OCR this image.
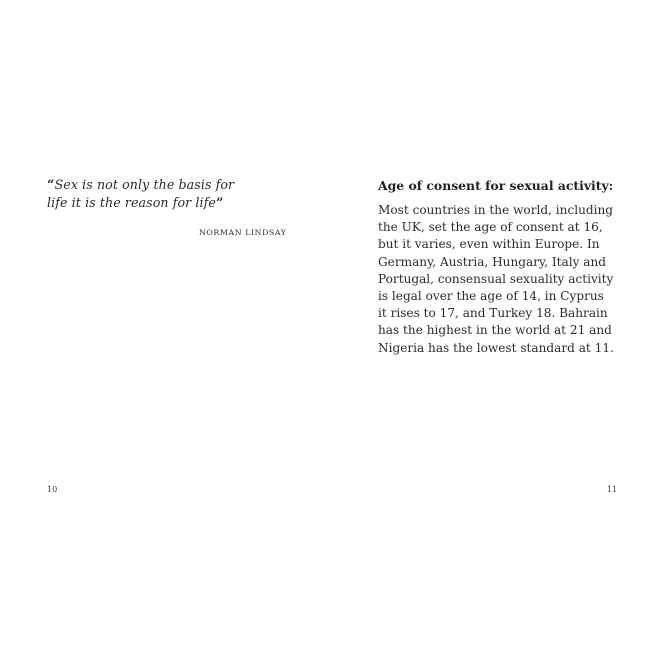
“Sex is not only the basis for
life it is the reason for life”
NORMAN LINDSAY
10
Age of consent for sexual activity:
Most countries in the world, including
the UK, set the age of consent at 16,
but it varies, even within Europe. In
Germany, Austria, Hungary, Italy and
Portugal, consensual sexuality activity
is legal over the age of 14, in Cyprus
it rises to 17, and Turkey 18. Bahrain
has the highest in the world at 21 and
Nigeria has the lowest standard at 11.
11
